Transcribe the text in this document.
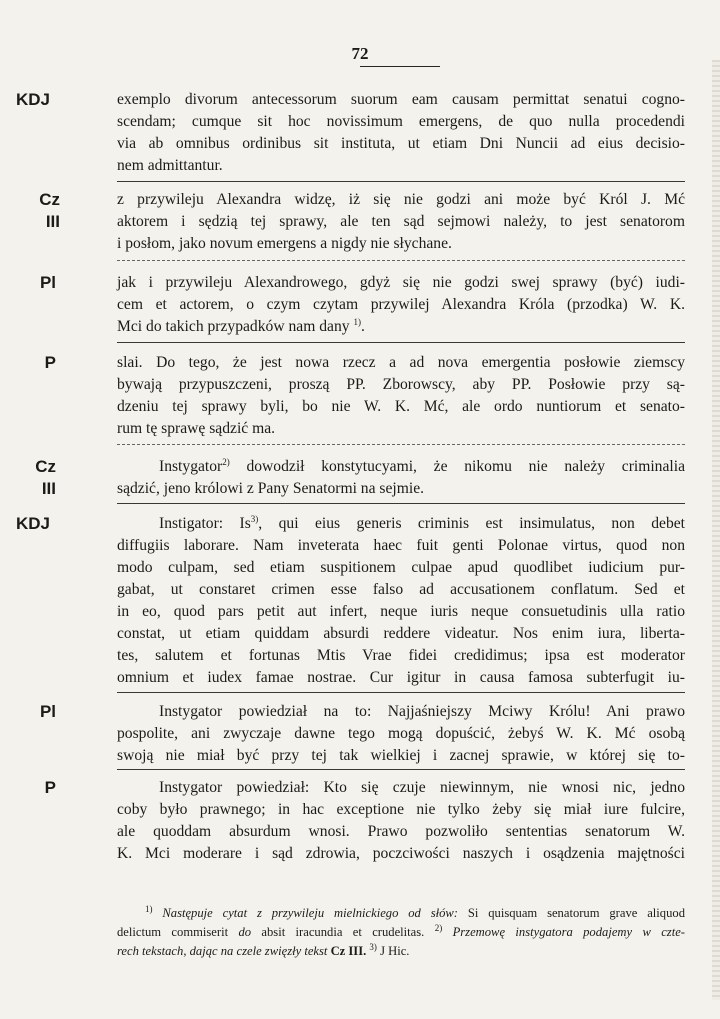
72
KDJ	exemplo divorum antecessorum suorum eam causam permittat senatui cogno-
scendam; cumque sit hoc novissimum emergens, de quo nulla procedendi
via ab omnibus ordinibus sit instituta, ut etiam Dni Nuncii ad eius decisio-
nem admittantur.
Cz
III
z przywileju Alexandra widzę, iż się nie godzi ani może być Król J. Mć
aktorem i sędzią tej sprawy, ale ten sąd sejmowi należy, to jest senatorom
i posłom, jako novum emergens a nigdy nie słychane.
Pl	jak i przywileju Alexandrowego, gdyż się nie godzi swej sprawy (być) iudi-
cem et actorem, o czym czytam przywilej Alexandra Króla (przodka) W. K.
Mci do takich przypadków nam dany $^{1)}$.
P	slai. Do tego, że jest nowa rzecz a ad nova emergentia posłowie ziemscy
bywają przypuszczeni, proszą PP. Zborowscy, aby PP. Posłowie przy są-
dzeniu tej sprawy byli, bo nie W. K. Mć, ale ordo nuntiorum et senato-
rum tę sprawę sądzić ma.
Cz
III
Instygator$^{2)}$ dowodził konstytucyami, że nikomu nie należy criminalia
sądzić, jeno królowi z Pany Senatormi na sejmie.
KDJ	Instigator: Is$^{3)}$, qui eius generis criminis est insimulatus, non debet
diffugiis laborare. Nam inveterata haec fuit genti Polonae virtus, quod non
modo culpam, sed etiam suspitionem culpae apud quodlibet iudicium pur-
gabat, ut constaret crimen esse falso ad accusationem conflatum. Sed et
in eo, quod pars petit aut infert, neque iuris neque consuetudinis ulla ratio
constat, ut etiam quiddam absurdi reddere videatur. Nos enim iura, liberta-
tes, salutem et fortunas Mtis Vrae fidei credidimus; ipsa est moderator
omnium et iudex famae nostrae. Cur igitur in causa famosa subterfugit iu-
Pl	Instygator powiedział na to: Najjaśniejszy Mciwy Królu! Ani prawo
pospolite, ani zwyczaje dawne tego mogą dopuścić, żebyś W. K. Mć osobą
swoją nie miał być przy tej tak wielkiej i zacnej sprawie, w której się to-
P	Instygator powiedział: Kto się czuje niewinnym, nie wnosi nic, jedno
coby było prawnego; in hac exceptione nie tylko żeby się miał iure fulcire,
ale quoddam absurdum wnosi. Prawo pozwoliło sententias senatorum W.
K. Mci moderare i sąd zdrowia, poczciwości naszych i osądzenia majętności
$^{1)}$ Następuje cytat z przywileju mielnickiego od słów: Si quisquam senatorum grave aliquod
delictum commiserit do absit iracundia et crudelitas. $^{2)}$ Przemowę instygatora podajemy w czte-
rech tekstach, dając na czele zwięzły tekst Cz III. $^{3)}$ J Hic.
